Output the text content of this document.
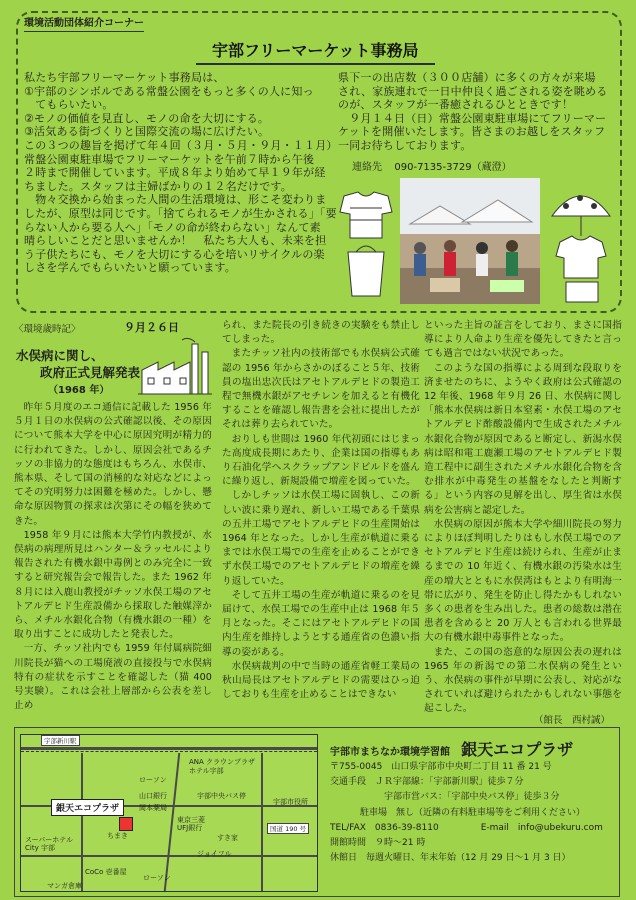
環境活動団体紹介コーナー
宇部フリーマーケット事務局
私たち宇部フリーマーケット事務局は、
①宇部のシンボルである常盤公園をもっと多くの人に知っ
　てもらいたい。
②モノの価値を見直し、モノの命を大切にする。
③活気ある街づくりと国際交流の場に広げたい。
この３つの趣旨を掲げて年４回（３月・５月・９月・１１月）
常盤公園東駐車場でフリーマーケットを午前７時から午後
２時まで開催しています。平成８年より始めて早１９年が経
ちました。スタッフは主婦ばかりの１２名だけです。
　物々交換から始まった人間の生活環境は、形こそ変わりま
したが、原型は同じです。「捨てられるモノが生かされる」「要
らない人から要る人へ」「モノの命が終わらない」なんて素
晴らしいことだと思いませんか！　私たち大人も、未来を担
う子供たちにも、モノを大切にする心を培いリサイクルの楽
しさを学んでもらいたいと願っています。
県下一の出店数（３００店舗）に多くの方々が来場
され、家族連れで一日中仲良く過ごされる姿を眺める
のが、スタッフが一番癒されるひとときです！
　９月１４日（日）常盤公園東駐車場にてフリーマー
ケットを開催いたします。皆さまのお越しをスタッフ
一同お待ちしております。
連絡先 090-7135-3729（蔵澄）
〈環境歳時記〉	９月２６日
水俣病に関し、
政府正式見解発表
（1968 年）

昨年５月度のエコ通信に記載した 1956 年５月１日の水俣病の公式確認以後、その原因について熊本大学を中心に原因究明が精力的に行われてきた。しかし、原因会社であるチッソの非協力的な態度はもちろん、水俣市、熊本県、そして国の消極的な対応などによってその究明努力は困難を極めた。しかし、懸命な原因物質の探求は次第にその幅を狭めてきた。

1958 年９月には熊本大学竹内教授が、水俣病の病理所見はハンター＆ラッセルにより報告された有機水銀中毒例とのみ完全に一致すると研究報告会で報告した。また 1962 年８月には入鹿山教授がチッソ水俣工場のアセトアルデヒド生産設備から採取した触媒滓から、メチル水銀化合物（有機水銀の一種）を取り出すことに成功したと発表した。

一方、チッソ社内でも 1959 年付属病院細川院長が猫への工場廃液の直接投与で水俣病特有の症状を示すことを確認した（猫 400 号実験）。これは会社上層部から公表を差し止め

られ、また院長の引き続きの実験をも禁止してしまった。

またチッソ社内の技術部でも水俣病公式確認の 1956 年からさかのぼること５年、技術員の塩出忠次氏はアセトアルデヒドの製造工程で無機水銀がアセチレンを加えると有機化することを確認し報告書を会社に提出したがそれは葬り去られていた。

おりしも世間は 1960 年代初頭にはじまった高度成長期にあたり、企業は国の指導もあり石油化学へスクラップアンドビルドを盛んに繰り返し、新規設備で増産を図っていた。

しかしチッソは水俣工場に固執し、この新しい波に乗り遅れ、新しい工場である千葉県の五井工場でアセトアルデヒドの生産開始は 1964 年となった。しかし生産が軌道に乗るまでは水俣工場での生産を止めることができず水俣工場でのアセトアルデヒドの増産を繰り返していた。

そして五井工場の生産が軌道に乗るのを見届けて、水俣工場での生産中止は 1968 年５月となった。そこにはアセトアルデヒドの国内生産を維持しようとする通産省の色濃い指導の姿がある。

水俣病裁判の中で当時の通産省軽工業局の秋山局長はアセトアルデヒドの需要はひっ迫しておりも生産を止めることはできない

といった主旨の証言をしており、まさに国指導により人命より生産を優先してきたと言っても過言ではない状況であった。

このような国の指導による周到な段取りを済ませたのちに、ようやく政府は公式確認の 12 年後、1968 年９月 26 日、水俣病に関し「熊本水俣病は新日本窒素・水俣工場のアセトアルデヒド酢酸設備内で生成されたメチル水銀化合物が原因であると断定し、新潟水俣病は昭和電工鹿瀬工場のアセトアルデヒド製造工程中に副生されたメチル水銀化合物を含む排水が中毒発生の基盤をなしたと判断する」という内容の見解を出し、厚生省は水俣病を公害病と認定した。

水俣病の原因が熊本大学や細川院長の努力によりほぼ判明したりはもし水俣工場でのアセトアルデヒド生産は続けられ、生産が止まるまでの 10 年近く、有機水銀の汚染水は生産の増大とともに水俣湾はもとより有明海一帯に広がり、発生を防止し得たかもしれない多くの患者を生み出した。患者の総数は潜在患者を含めると 20 万人とも言われる世界最大の有機水銀中毒事件となった。

また、この国の恣意的な原因公表の遅れは 1965 年の新潟での第二水俣病の発生という、水俣病の事件が早期に公表し、対応がなされていれば避けられたかもしれない事態を起こした。

（館長　西村誠）
宇部新川駅
ANA クラウンプラザ
ホテル宇部
ローソン
山口銀行
岡本薬局
宇部中央バス停
ちまき
東京三菱
UFJ銀行
宇部市役所
すき家
国道 190 号
スーパーホテル
City 宇部
ジョイフル
CoCo 壱番屋
ローソン
マンガ倉庫
銀天エコプラザ
宇部市まちなか環境学習館 銀天エコプラザ
〒755-0045　山口県宇部市中央町二丁目 11 番 21 号
交通手段　 ＪＲ宇部線：「宇部新川駅」徒歩７分
宇部市営バス：「宇部中央バス停」徒歩３分
駐車場　 無し（近隣の有料駐車場等をご利用ください）
TEL/FAX　 0836-39-8110	E-mail　 info@ubekuru.com
開館時間　 ９時～21 時
休館日　 毎週火曜日、年末年始（12 月 29 日～1 月 3 日）
